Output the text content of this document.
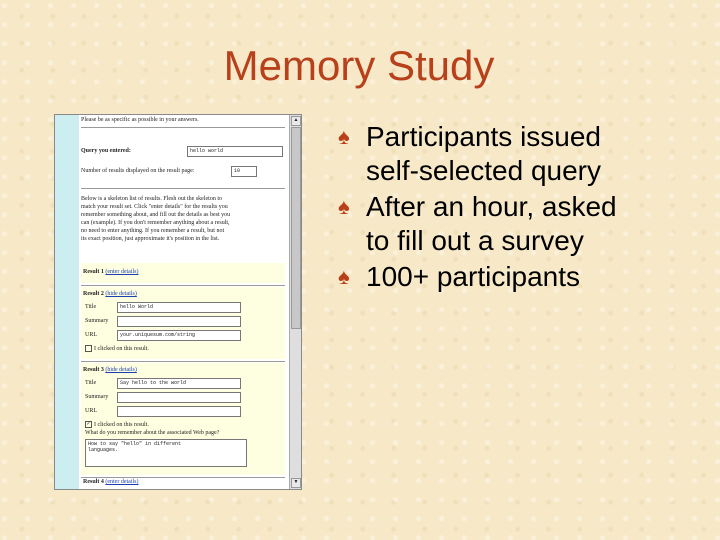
Memory Study
Please be as specific as possible in your answers.
Query you entered:	hello world
Number of results displayed on the result page:	10
Below is a skeleton list of results. Flesh out the skeleton to
match your result set. Click "enter details" for the results you
remember something about, and fill out the details as best you
can (example). If you don't remember anything about a result,
no need to enter anything. If you remember a result, but not
its exact position, just approximate it's position in the list.
Result 1 (enter details)
Result 2 (hide details)
Title	hello World
Summary
URL	your.uniquesum.com/string
I clicked on this result.
Result 3 (hide details)
Title	Say hello to the world
Summary
URL
✓ I clicked on this result.
What do you remember about the associated Web page?
How to say "hello" in different
languages.
Result 4 (enter details)
▲
▼
♠ Participants issued
self-selected query
♠ After an hour, asked
to fill out a survey
♠ 100+ participants
